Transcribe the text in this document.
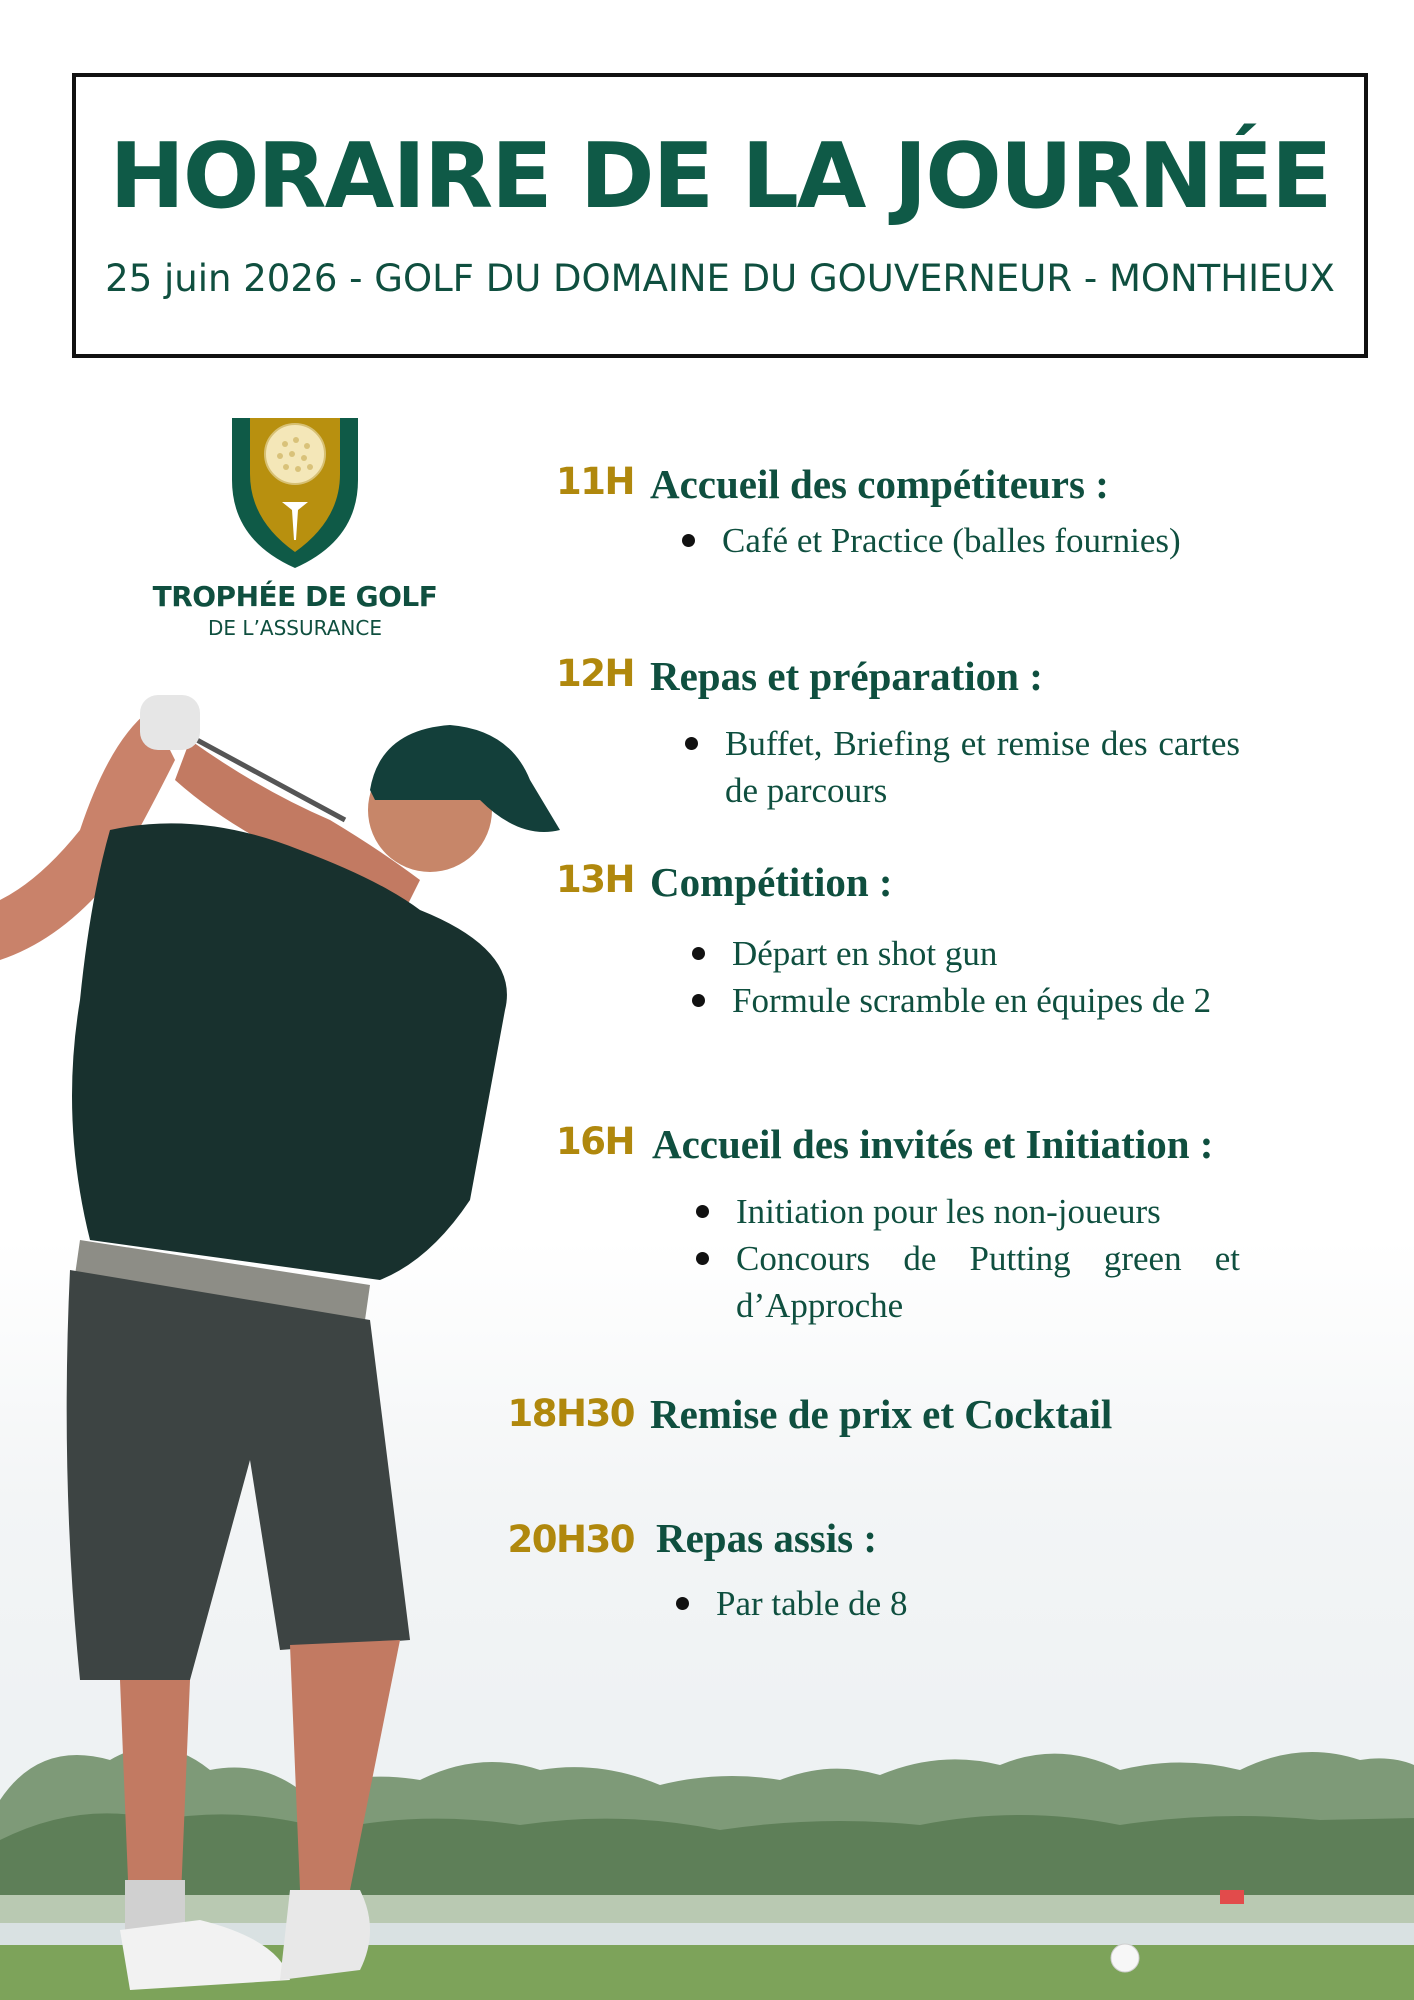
HORAIRE DE LA JOURNÉE
25 juin 2026 - GOLF DU DOMAINE DU GOUVERNEUR - MONTHIEUX
TROPHÉE DE GOLF
DE L’ASSURANCE
11H Accueil des compétiteurs :
Café et Practice (balles fournies)
12H Repas et préparation :
Buffet, Briefing et remise des cartes de parcours
13H Compétition :
Départ en shot gun
Formule scramble en équipes de 2
16H Accueil des invités et Initiation :
Initiation pour les non-joueurs
Concours de Putting green et d’Approche
18H30 Remise de prix et Cocktail
20H30 Repas assis :
Par table de 8
